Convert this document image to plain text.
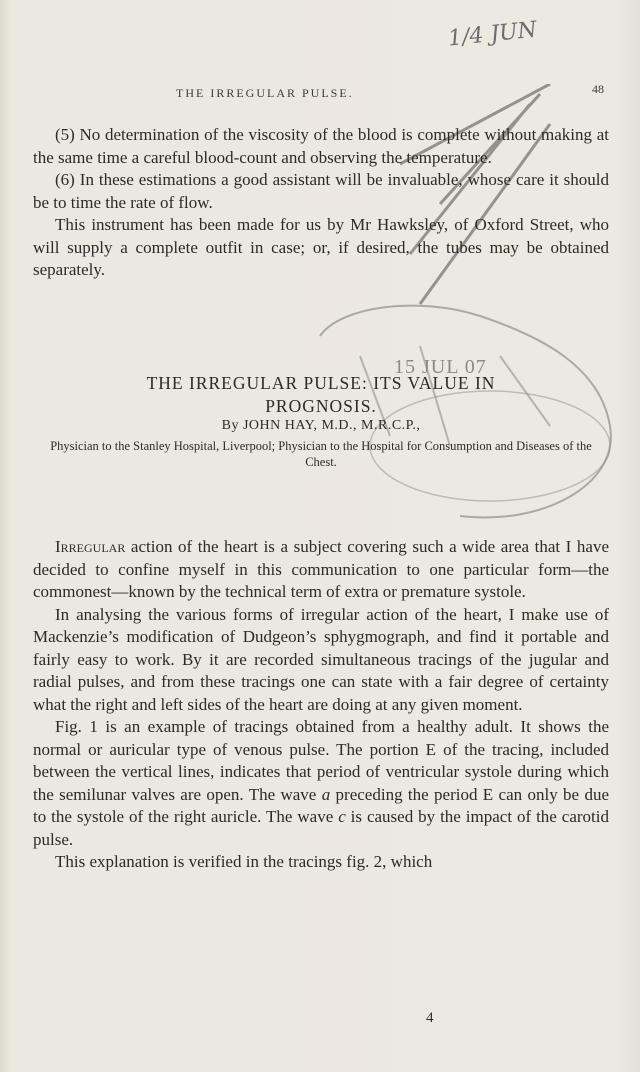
1/4 JUN
THE IRREGULAR PULSE.	48
15 JUL 07

(5) No determination of the viscosity of the blood is complete without making at the same time a careful blood-count and observing the temperature.

(6) In these estimations a good assistant will be invaluable, whose care it should be to time the rate of flow.

This instrument has been made for us by Mr Hawksley, of Oxford Street, who will supply a complete outfit in case; or, if desired, the tubes may be obtained separately.

THE IRREGULAR PULSE: ITS VALUE IN
PROGNOSIS.
By JOHN HAY, M.D., M.R.C.P.,
Physician to the Stanley Hospital, Liverpool; Physician to the Hospital for Consumption and Diseases of the Chest.

Irregular action of the heart is a subject covering such a wide area that I have decided to confine myself in this communication to one particular form—the commonest—known by the technical term of extra or premature systole.

In analysing the various forms of irregular action of the heart, I make use of Mackenzie’s modification of Dudgeon’s sphygmograph, and find it portable and fairly easy to work. By it are recorded simultaneous tracings of the jugular and radial pulses, and from these tracings one can state with a fair degree of certainty what the right and left sides of the heart are doing at any given moment.

Fig. 1 is an example of tracings obtained from a healthy adult. It shows the normal or auricular type of venous pulse. The portion E of the tracing, included between the vertical lines, indicates that period of ventricular systole during which the semilunar valves are open. The wave a preceding the period E can only be due to the systole of the right auricle. The wave c is caused by the impact of the carotid pulse.

This explanation is verified in the tracings fig. 2, which

4
